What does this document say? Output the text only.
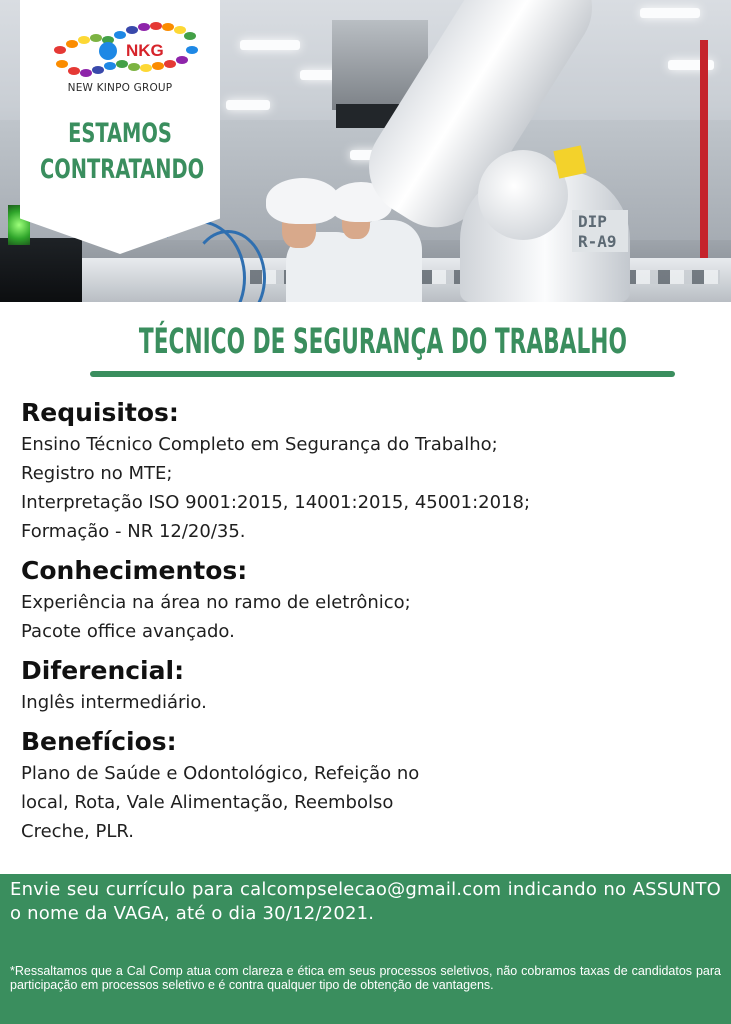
DIP
R-A9
NKG
NEW KINPO GROUP
ESTAMOS
CONTRATANDO
TÉCNICO DE SEGURANÇA DO TRABALHO
Requisitos:

Ensino Técnico Completo em Segurança do Trabalho;

Registro no MTE;

Interpretação ISO 9001:2015, 14001:2015, 45001:2018;

Formação - NR 12/20/35.

Conhecimentos:

Experiência na área no ramo de eletrônico;

Pacote office avançado.

Diferencial:

Inglês intermediário.

Benefícios:

Plano de Saúde e Odontológico, Refeição no local, Rota, Vale Alimentação, Reembolso Creche, PLR.

Envie seu currículo para calcompselecao@gmail.com indicando no ASSUNTO o nome da VAGA, até o dia 30/12/2021.
*Ressaltamos que a Cal Comp atua com clareza e ética em seus processos seletivos, não cobramos taxas de candidatos para participação em processos seletivo e é contra qualquer tipo de obtenção de vantagens.
